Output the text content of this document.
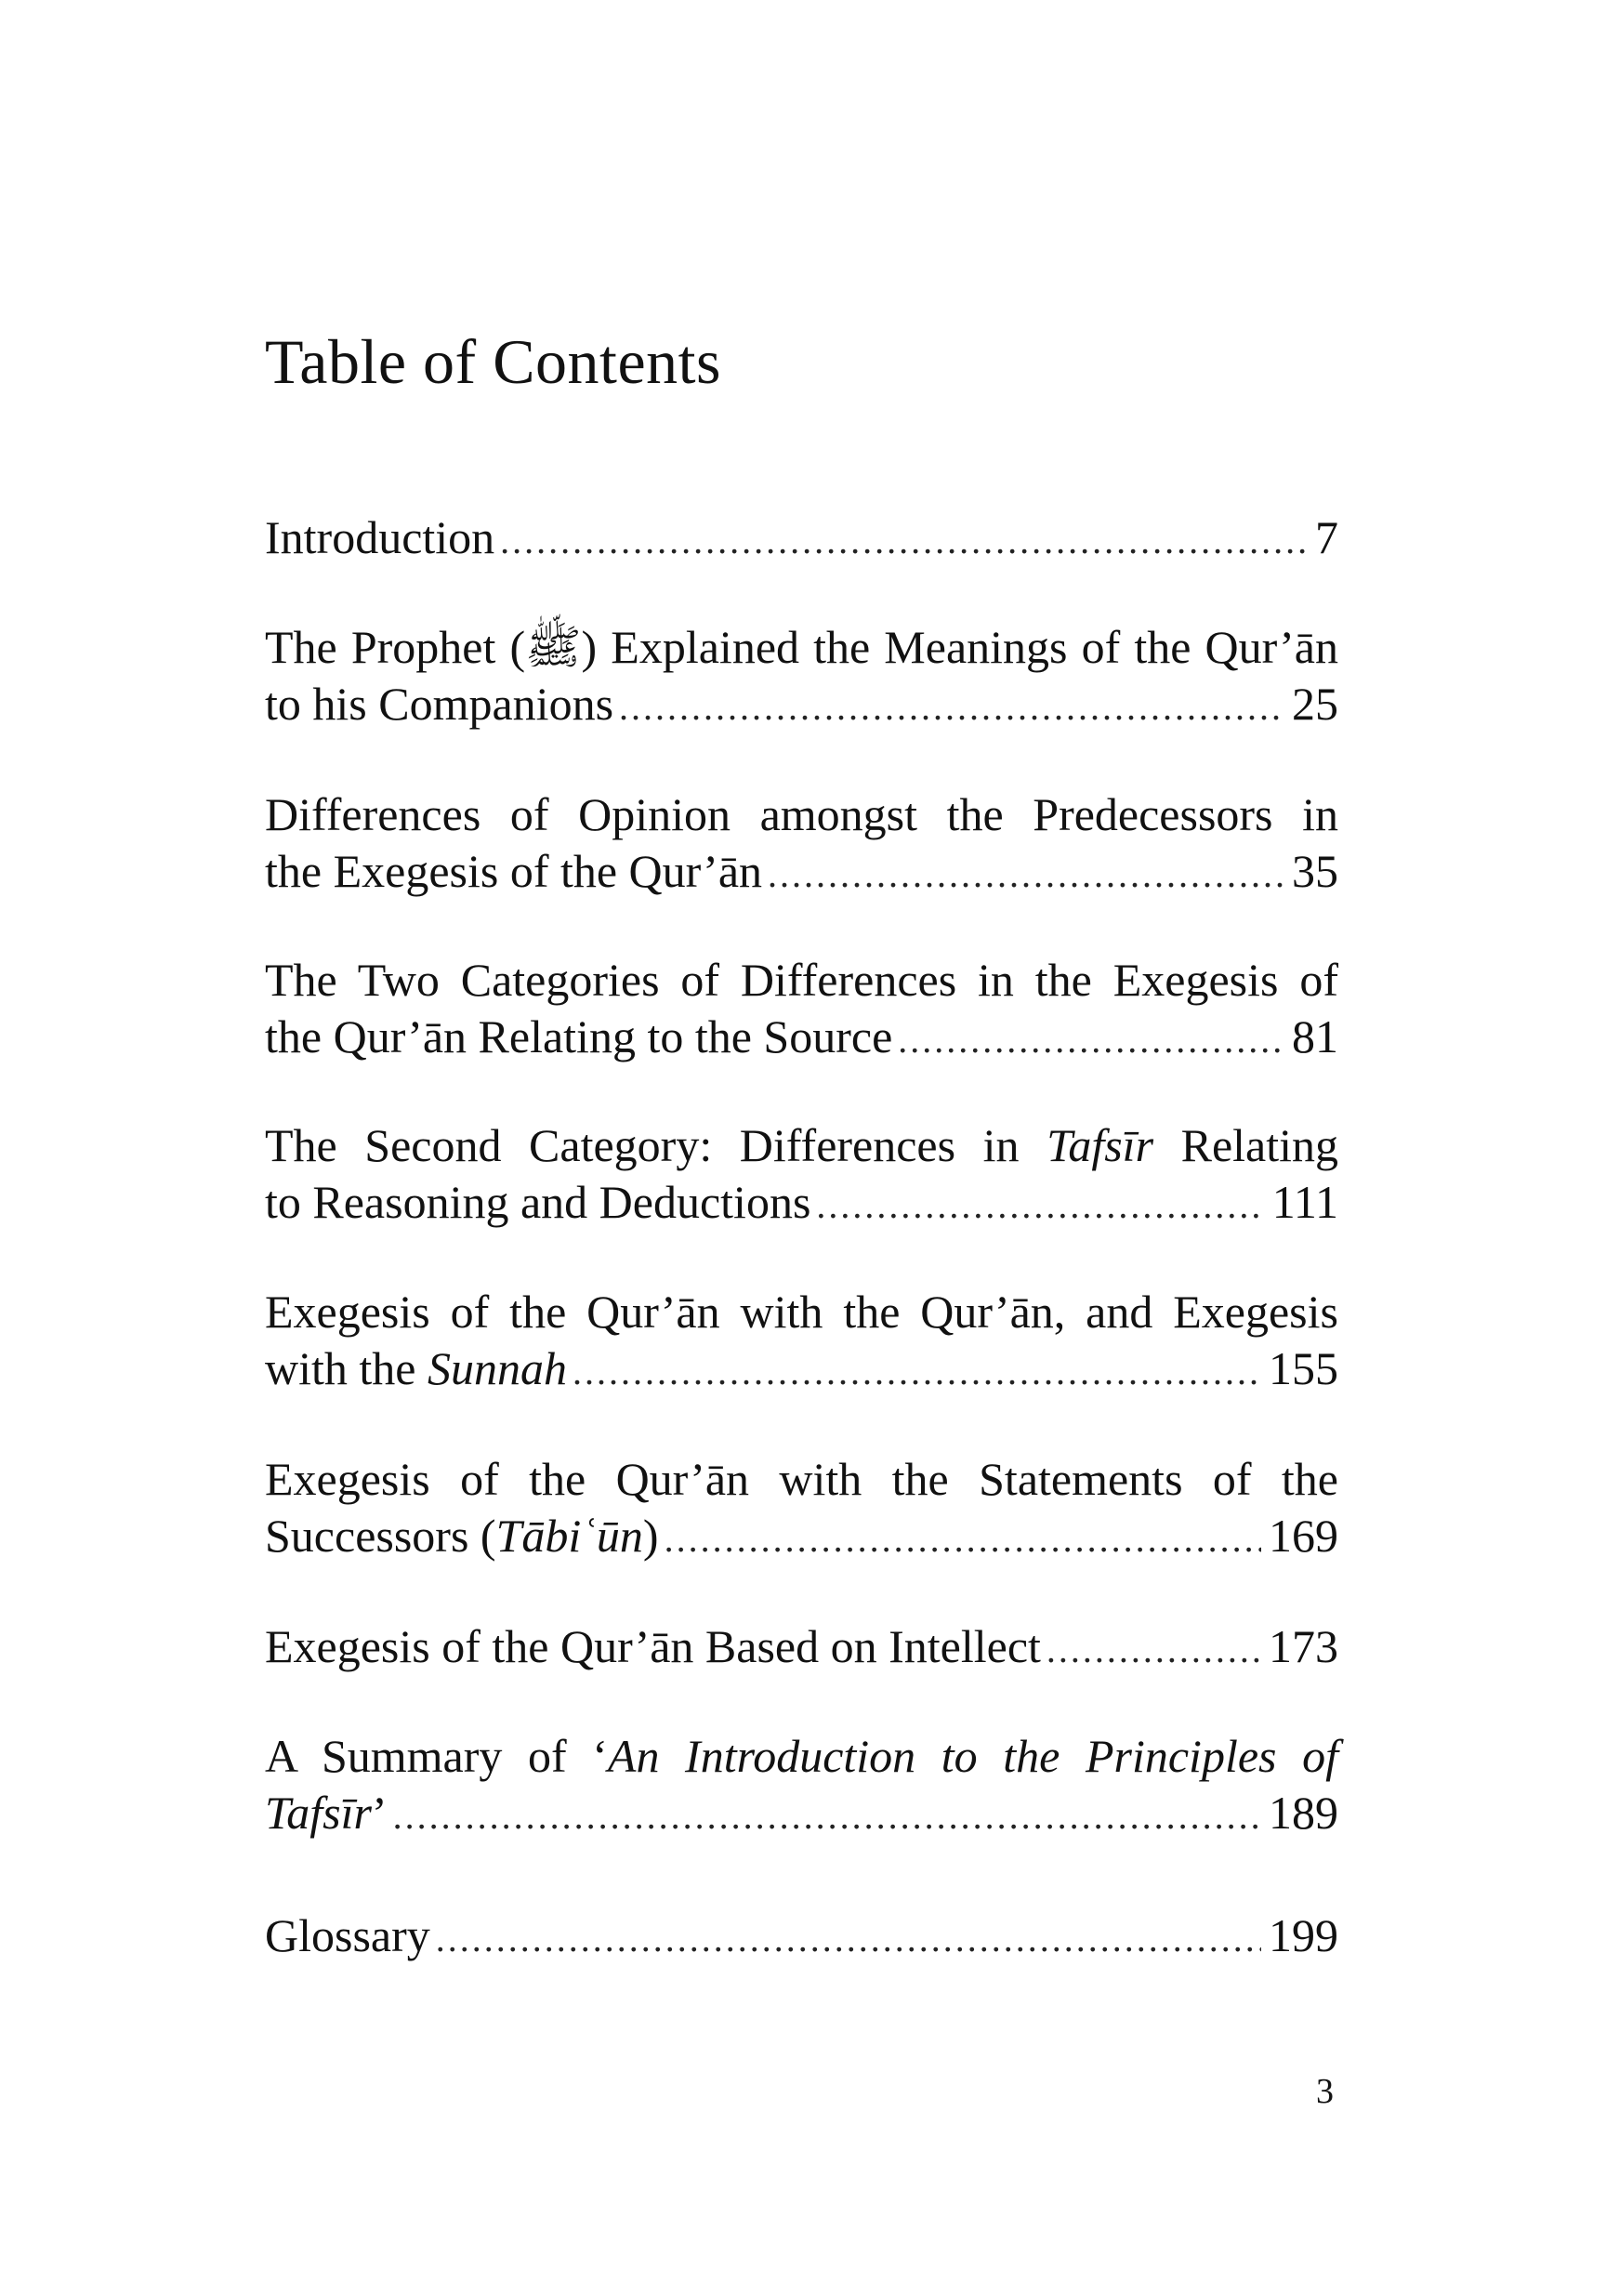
Table of Contents
Introduction .....	7
The Prophet (ﷺ) Explained the Meanings of the Qur’ān
to his Companions .....	25
Differences of Opinion amongst the Predecessors in
the Exegesis of the Qur’ān .....	35
The Two Categories of Differences in the Exegesis of
the Qur’ān Relating to the Source .....	81
The Second Category: Differences in Tafsīr Relating
to Reasoning and Deductions .....	111
Exegesis of the Qur’ān with the Qur’ān, and Exegesis
with the Sunnah .....	155
Exegesis of the Qur’ān with the Statements of the
Successors (Tābiʿūn) .....	169
Exegesis of the Qur’ān Based on Intellect .....	173
A Summary of ‘An Introduction to the Principles of
Tafsīr’ .....	189
Glossary .....	199
3
